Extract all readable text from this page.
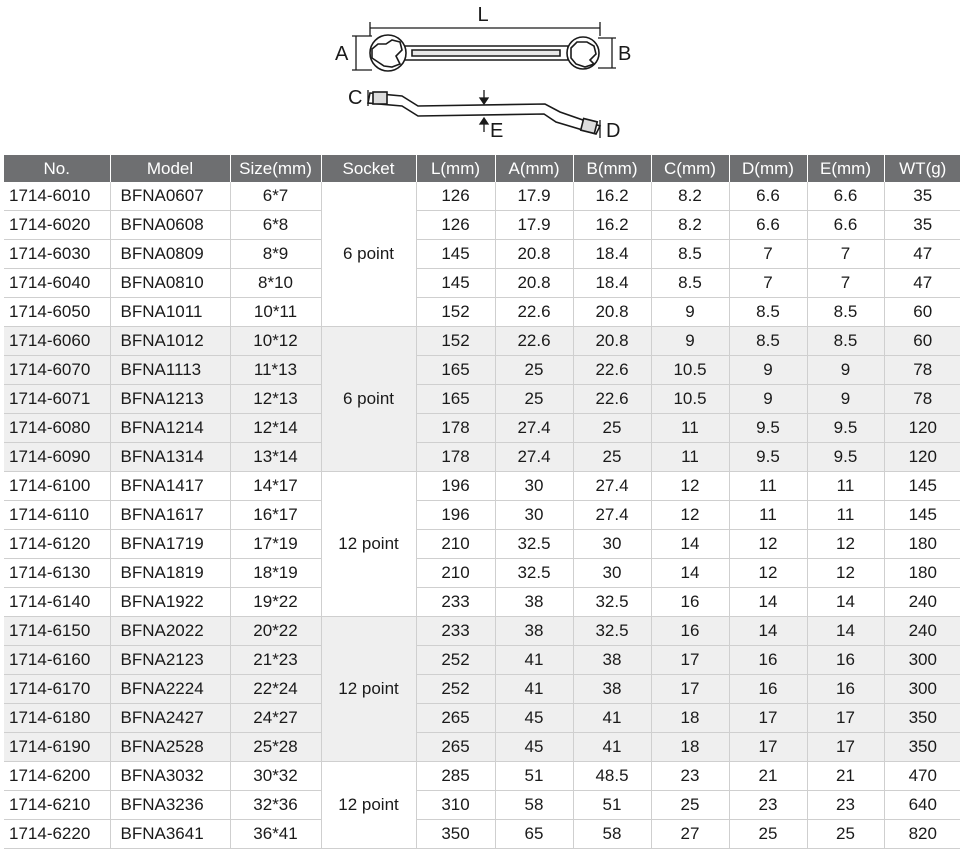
L
A	B
C
D
E
No.	Model	Size(mm)	Socket	L(mm)	A(mm)	B(mm)	C(mm)	D(mm)	E(mm)	WT(g)
1714-6010	BFNA0607	6*7	6 point	126	17.9	16.2	8.2	6.6	6.6	35
1714-6020	BFNA0608	6*8		126	17.9	16.2	8.2	6.6	6.6	35
1714-6030	BFNA0809	8*9		145	20.8	18.4	8.5	7	7	47
1714-6040	BFNA0810	8*10		145	20.8	18.4	8.5	7	7	47
1714-6050	BFNA1011	10*11		152	22.6	20.8	9	8.5	8.5	60
1714-6060	BFNA1012	10*12	6 point	152	22.6	20.8	9	8.5	8.5	60
1714-6070	BFNA1113	11*13		165	25	22.6	10.5	9	9	78
1714-6071	BFNA1213	12*13		165	25	22.6	10.5	9	9	78
1714-6080	BFNA1214	12*14		178	27.4	25	11	9.5	9.5	120
1714-6090	BFNA1314	13*14		178	27.4	25	11	9.5	9.5	120
1714-6100	BFNA1417	14*17	12 point	196	30	27.4	12	11	11	145
1714-6110	BFNA1617	16*17		196	30	27.4	12	11	11	145
1714-6120	BFNA1719	17*19		210	32.5	30	14	12	12	180
1714-6130	BFNA1819	18*19		210	32.5	30	14	12	12	180
1714-6140	BFNA1922	19*22		233	38	32.5	16	14	14	240
1714-6150	BFNA2022	20*22	12 point	233	38	32.5	16	14	14	240
1714-6160	BFNA2123	21*23		252	41	38	17	16	16	300
1714-6170	BFNA2224	22*24		252	41	38	17	16	16	300
1714-6180	BFNA2427	24*27		265	45	41	18	17	17	350
1714-6190	BFNA2528	25*28		265	45	41	18	17	17	350
1714-6200	BFNA3032	30*32	12 point	285	51	48.5	23	21	21	470
1714-6210	BFNA3236	32*36		310	58	51	25	23	23	640
1714-6220	BFNA3641	36*41		350	65	58	27	25	25	820
